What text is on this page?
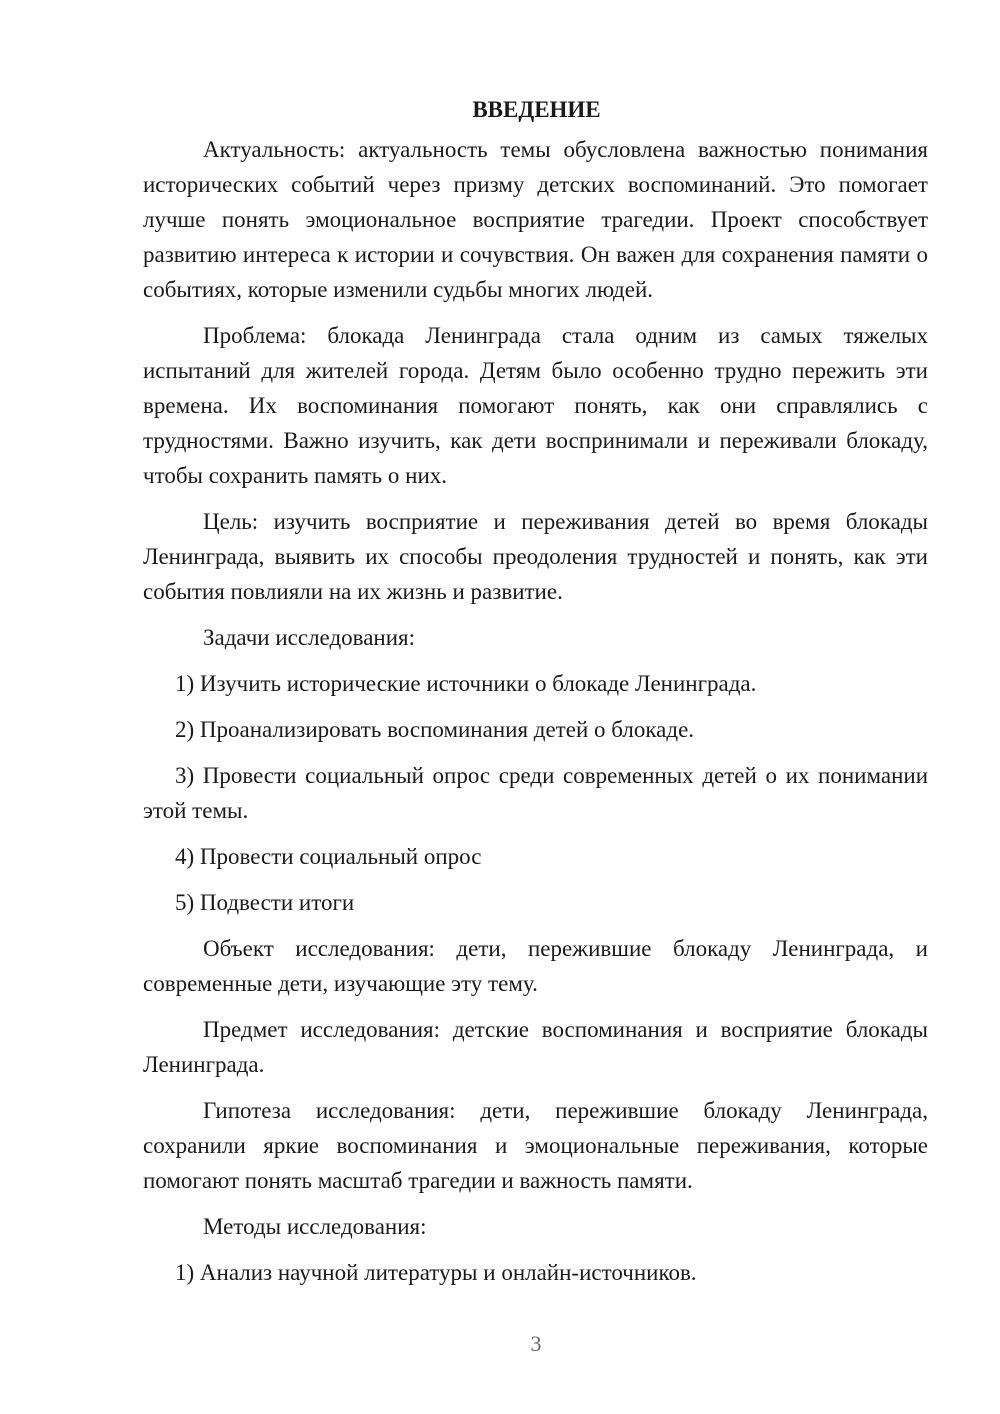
ВВЕДЕНИЕ

Актуальность: актуальность темы обусловлена важностью понимания исторических событий через призму детских воспоминаний. Это помогает лучше понять эмоциональное восприятие трагедии. Проект способствует развитию интереса к истории и сочувствия. Он важен для сохранения памяти о событиях, которые изменили судьбы многих людей.

Проблема: блокада Ленинграда стала одним из самых тяжелых испытаний для жителей города. Детям было особенно трудно пережить эти времена. Их воспоминания помогают понять, как они справлялись с трудностями. Важно изучить, как дети воспринимали и переживали блокаду, чтобы сохранить память о них.

Цель: изучить восприятие и переживания детей во время блокады Ленинграда, выявить их способы преодоления трудностей и понять, как эти события повлияли на их жизнь и развитие.

Задачи исследования:

1) Изучить исторические источники о блокаде Ленинграда.

2) Проанализировать воспоминания детей о блокаде.

3) Провести социальный опрос среди современных детей о их понимании этой темы.

4) Провести социальный опрос

5) Подвести итоги

Объект исследования: дети, пережившие блокаду Ленинграда, и современные дети, изучающие эту тему.

Предмет исследования: детские воспоминания и восприятие блокады Ленинграда.

Гипотеза исследования: дети, пережившие блокаду Ленинграда, сохранили яркие воспоминания и эмоциональные переживания, которые помогают понять масштаб трагедии и важность памяти.

Методы исследования:

1) Анализ научной литературы и онлайн-источников.

3
